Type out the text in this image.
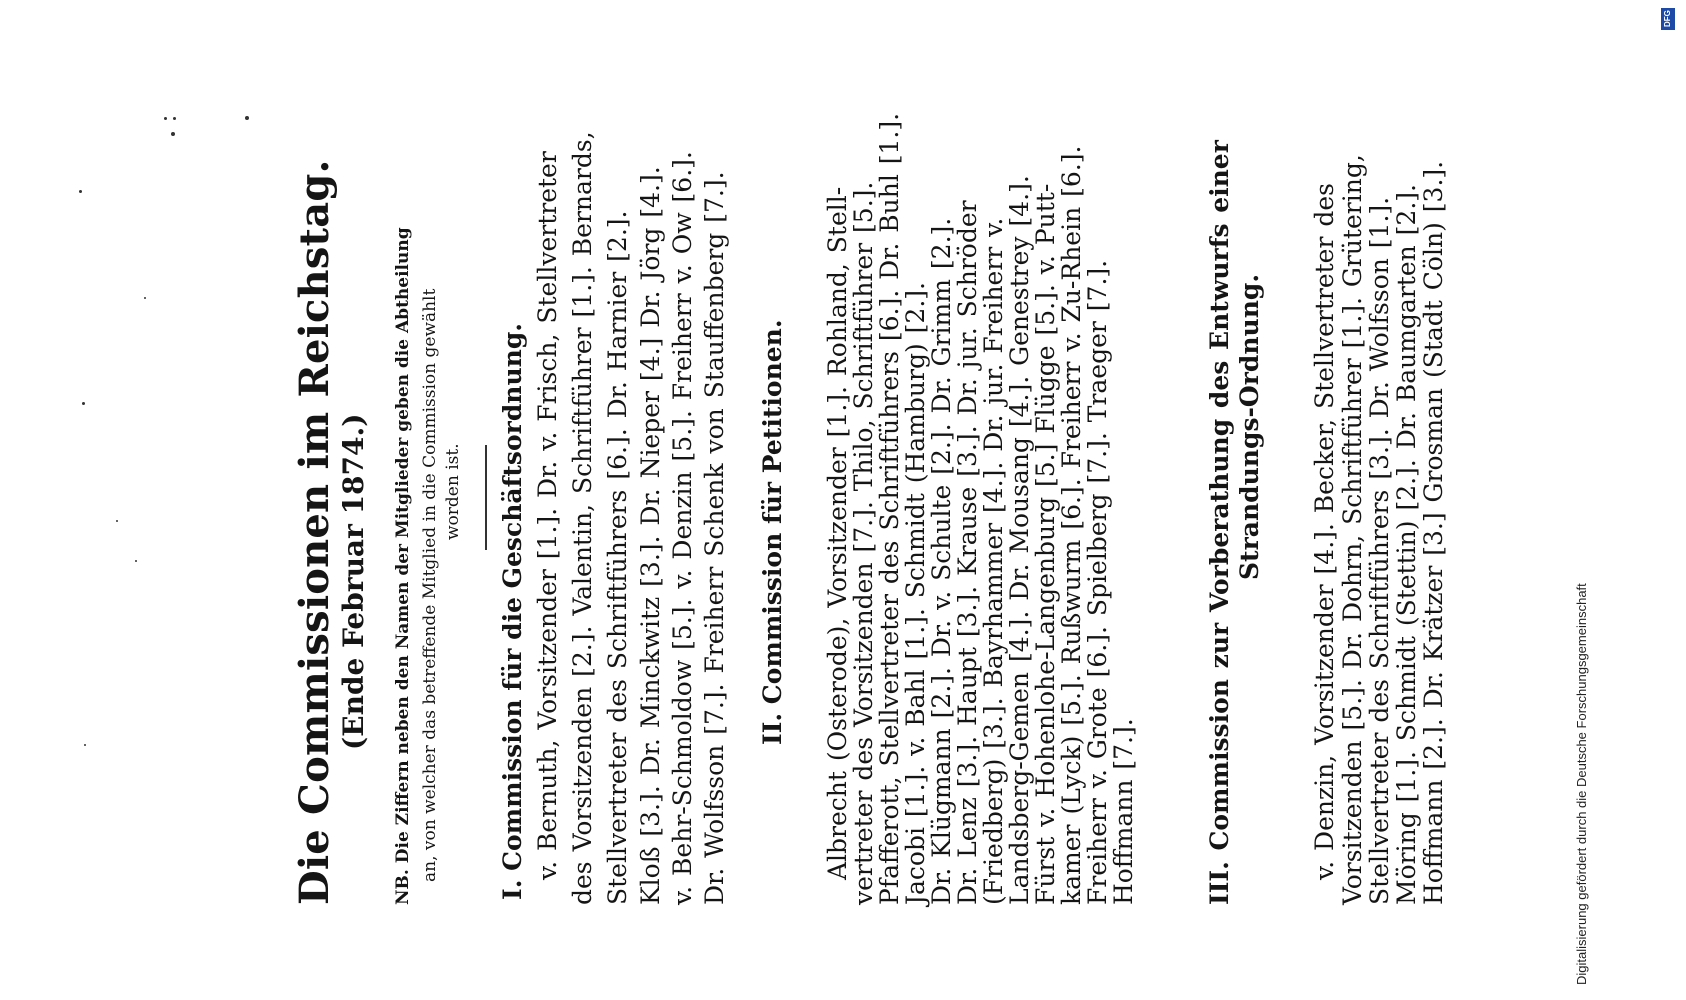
Die Commissionen im Reichstag. (Ende Februar 1874.) NB. Die Ziffern neben den Namen der Mitglieder geben die Abtheilung an, von welcher das betreffende Mitglied in die Commission gewählt worden ist. I. Commission für die Geschäftsordnung. v. Bernuth, Vorsitzender [1.]. Dr. v. Frisch, Stellvertreter des Vorsitzenden [2.]. Valentin, Schriftführer [1.]. Bernards, Stellvertreter des Schriftführers [6.]. Dr. Harnier [2.]. Kloß [3.]. Dr. Minckwitz [3.]. Dr. Nieper [4.] Dr. Jörg [4.]. v. Behr-Schmoldow [5.]. v. Denzin [5.]. Freiherr v. Ow [6.]. Dr. Wolfsson [7.]. Freiherr Schenk von Stauffenberg [7.]. II. Commission für Petitionen. Albrecht (Osterode), Vorsitzender [1.]. Rohland, Stell-
vertreter des Vorsitzenden [7.]. Thilo, Schriftführer [5.].
Pfafferott, Stellvertreter des Schriftführers [6.]. Dr. Buhl [1.].
Jacobi [1.]. v. Bahl [1.]. Schmidt (Hamburg) [2.].
Dr. Klügmann [2.]. Dr. v. Schulte [2.]. Dr. Grimm [2.].
Dr. Lenz [3.]. Haupt [3.]. Krause [3.]. Dr. jur. Schröder
(Friedberg) [3.]. Bayrhammer [4.]. Dr. jur. Freiherr v.
Landsberg-Gemen [4.]. Dr. Mousang [4.]. Genestrey [4.].
Fürst v. Hohenlohe-Langenburg [5.] Flügge [5.]. v. Putt-
kamer (Lyck) [5.]. Rußwurm [6.]. Freiherr v. Zu-Rhein [6.].
Freiherr v. Grote [6.]. Spielberg [7.]. Traeger [7.].
Hoffmann [7.].	III. Commission zur Vorberathung des Entwurfs einer Strandungs-Ordnung. v. Denzin, Vorsitzender [4.]. Becker, Stellvertreter des Vorsitzenden [5.]. Dr. Dohrn, Schriftführer [1.]. Grütering,
Stellvertreter des Schriftführers [3.]. Dr. Wolfsson [1.].
Möring [1.]. Schmidt (Stettin) [2.]. Dr. Baumgarten [2.].
Hoffmann [2.]. Dr. Krätzer [3.] Grosman (Stadt Cöln) [3.].	Digitalisierung gefördert durch die Deutsche Forschungsgemeinschaft
DFG
